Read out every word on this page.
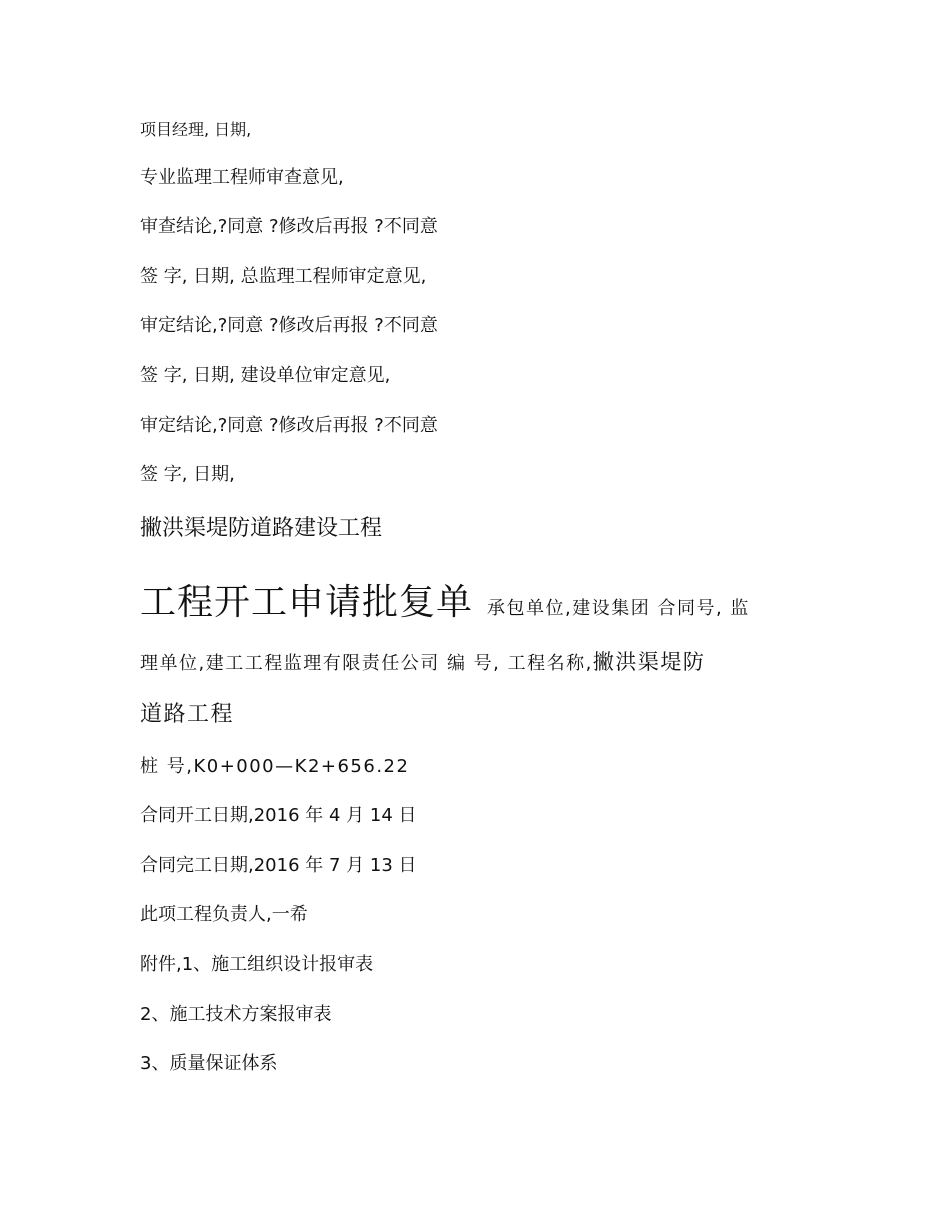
项目经理, 日期,
专业监理工程师审查意见,
审查结论,?同意 ?修改后再报 ?不同意
签 字, 日期, 总监理工程师审定意见,
审定结论,?同意 ?修改后再报 ?不同意
签 字, 日期, 建设单位审定意见,
审定结论,?同意 ?修改后再报 ?不同意
签 字, 日期,
撇洪渠堤防道路建设工程
工程开工申请批复单 承包单位,建设集团 合同号, 监
理单位,建工工程监理有限责任公司 编 号, 工程名称,撇洪渠堤防
道路工程
桩 号,K0+000—K2+656.22
合同开工日期,2016 年 4 月 14 日
合同完工日期,2016 年 7 月 13 日
此项工程负责人,一希
附件,1、施工组织设计报审表
2、施工技术方案报审表
3、质量保证体系
